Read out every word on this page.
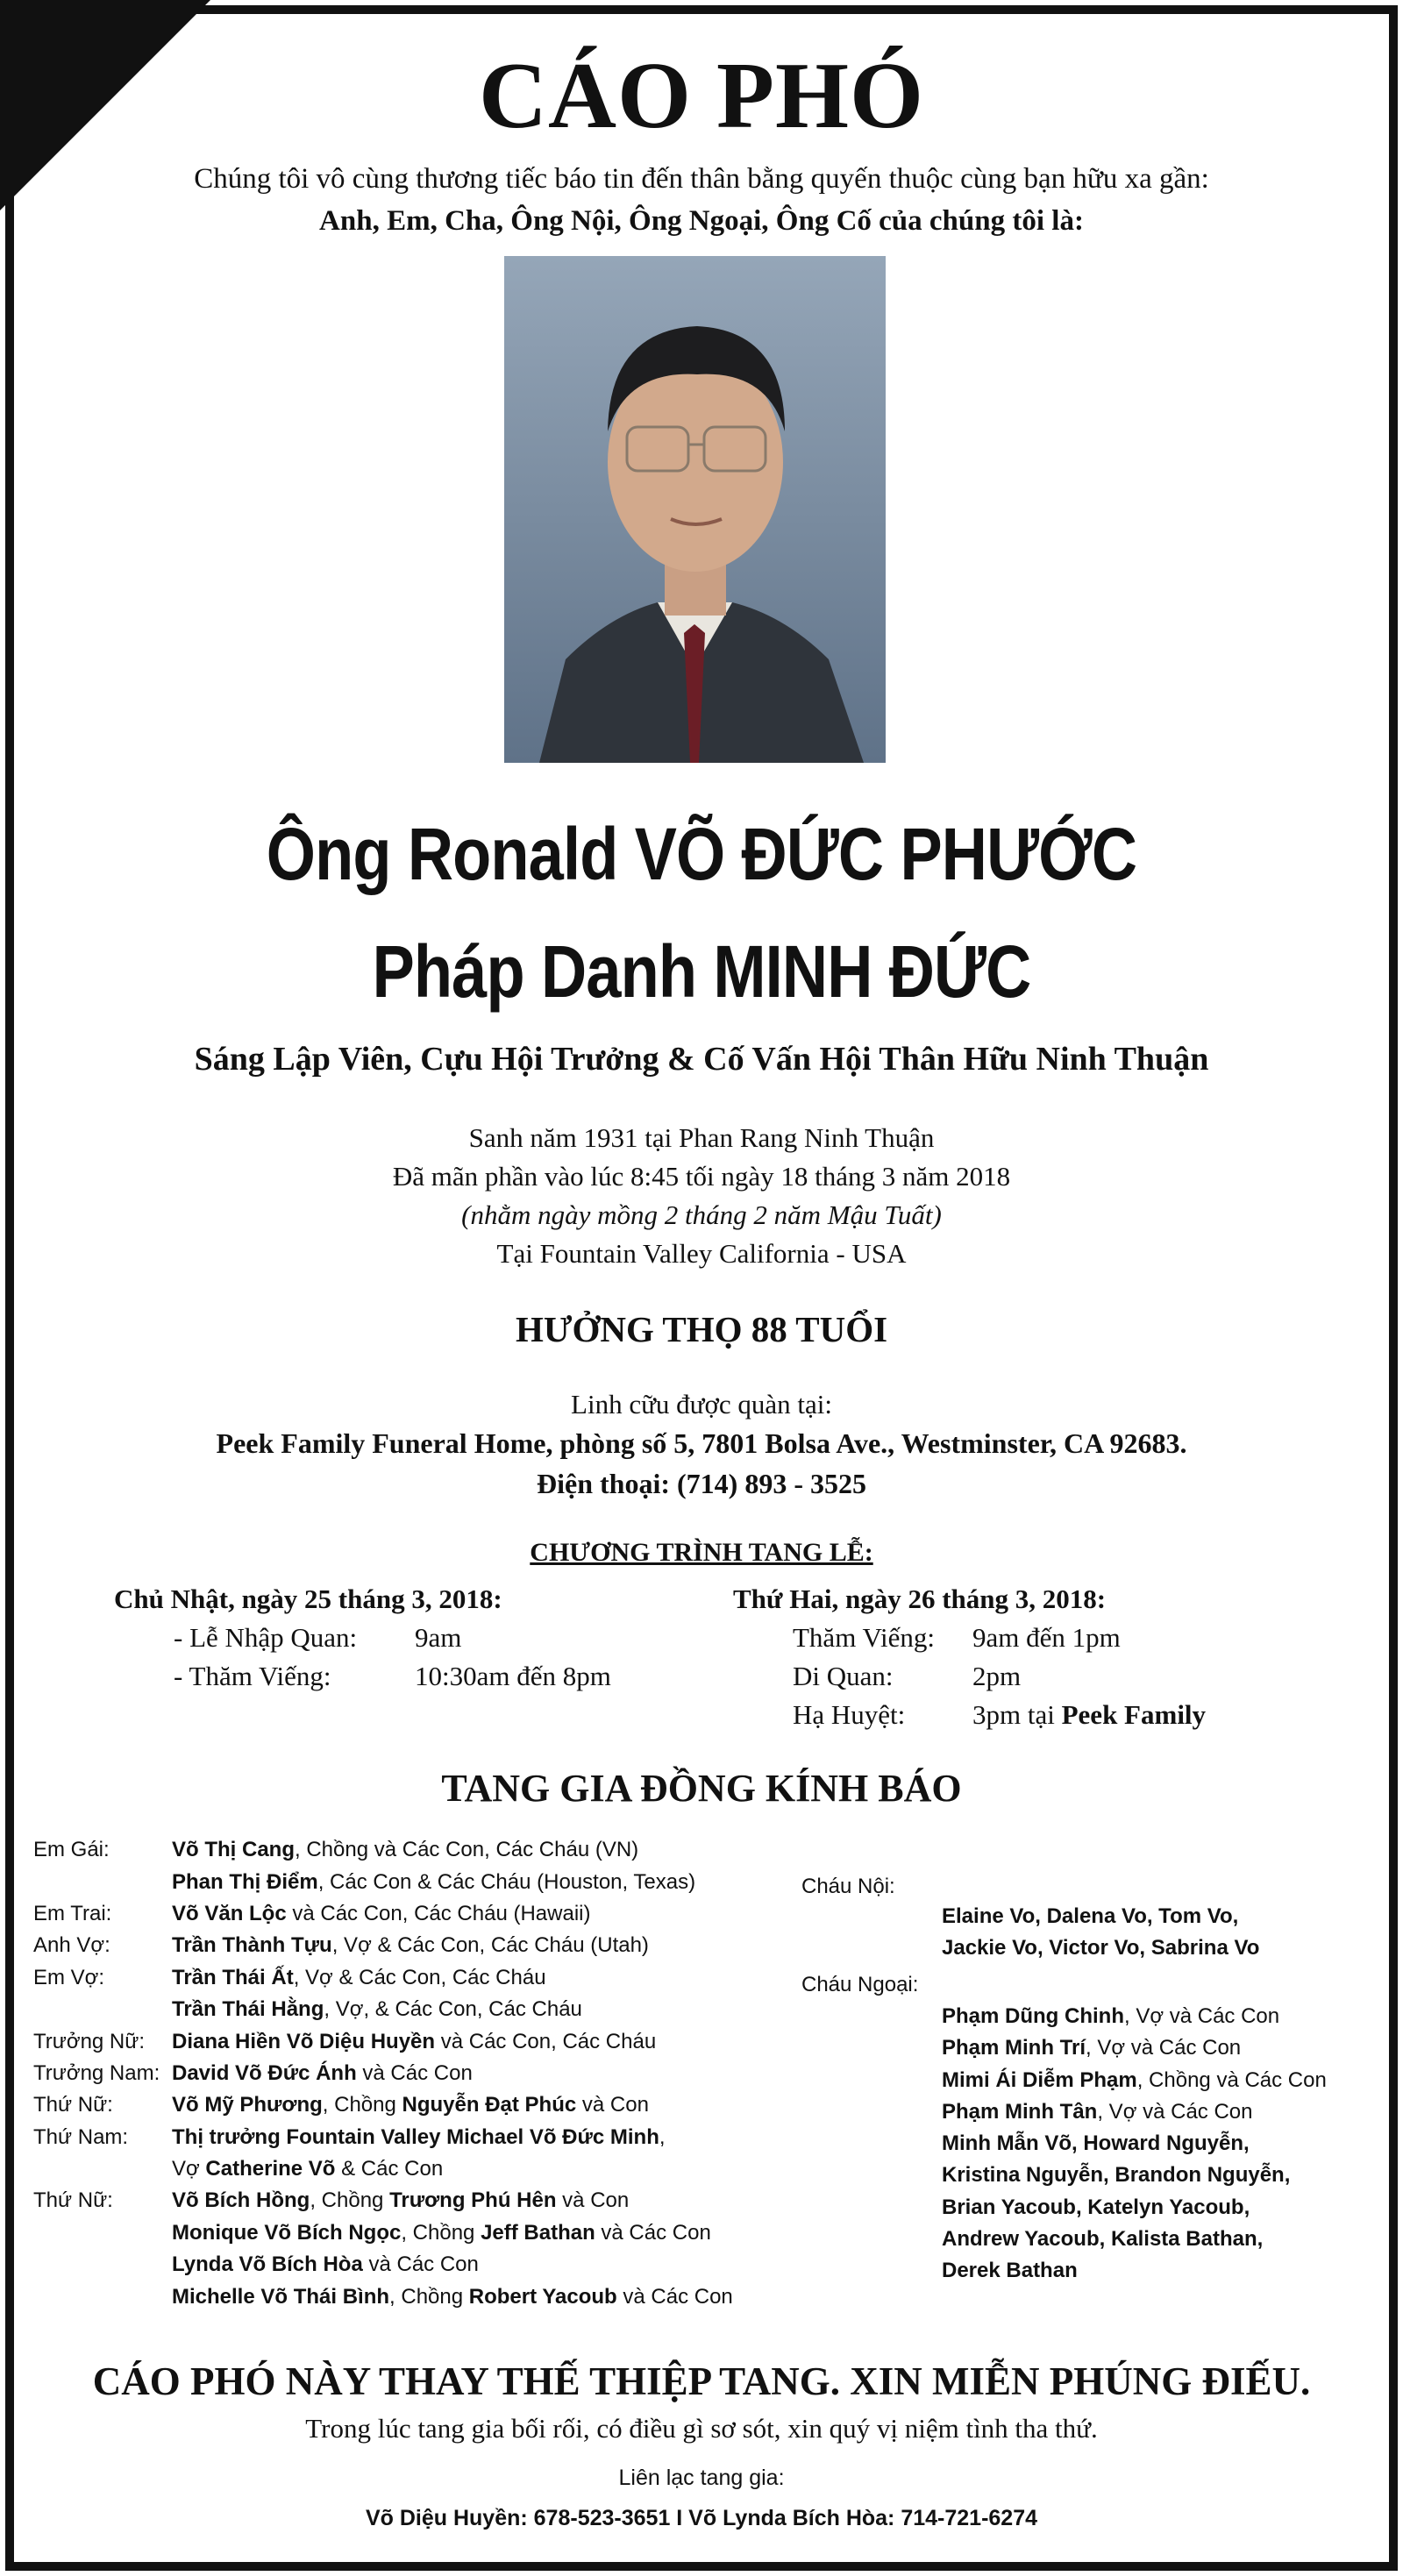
CÁO PHÓ
Chúng tôi vô cùng thương tiếc báo tin đến thân bằng quyến thuộc cùng bạn hữu xa gần:
Anh, Em, Cha, Ông Nội, Ông Ngoại, Ông Cố của chúng tôi là:
Ông Ronald VÕ ĐỨC PHƯỚC
Pháp Danh MINH ĐỨC
Sáng Lập Viên, Cựu Hội Trưởng & Cố Vấn Hội Thân Hữu Ninh Thuận
Sanh năm 1931 tại Phan Rang Ninh Thuận
Đã mãn phần vào lúc 8:45 tối ngày 18 tháng 3 năm 2018
(nhằm ngày mồng 2 tháng 2 năm Mậu Tuất)
Tại Fountain Valley California - USA
HƯỞNG THỌ 88 TUỔI
Linh cữu được quàn tại:
Peek Family Funeral Home, phòng số 5, 7801 Bolsa Ave., Westminster, CA 92683.
Điện thoại: (714) 893 - 3525
CHƯƠNG TRÌNH TANG LỄ:
Chủ Nhật, ngày 25 tháng 3, 2018:
- Lễ Nhập Quan:	9am
- Thăm Viếng:	10:30am đến 8pm
Thứ Hai, ngày 26 tháng 3, 2018:
Thăm Viếng:	9am đến 1pm
Di Quan:	2pm
Hạ Huyệt:	3pm tại Peek Family
TANG GIA ĐỒNG KÍNH BÁO
Em Gái:	Võ Thị Cang, Chồng và Các Con, Các Cháu (VN)
Phan Thị Điểm, Các Con & Các Cháu (Houston, Texas)
Em Trai:	Võ Văn Lộc và Các Con, Các Cháu (Hawaii)
Anh Vợ:	Trần Thành Tựu, Vợ & Các Con, Các Cháu (Utah)
Em Vợ:	Trần Thái Ất, Vợ & Các Con, Các Cháu
Trần Thái Hằng, Vợ, & Các Con, Các Cháu
Trưởng Nữ:	Diana Hiền Võ Diệu Huyền và Các Con, Các Cháu
Trưởng Nam: David Võ Đức Ánh và Các Con
Thứ Nữ:	Võ Mỹ Phương, Chồng Nguyễn Đạt Phúc và Con
Thứ Nam:	Thị trưởng Fountain Valley Michael Võ Đức Minh,
Vợ Catherine Võ & Các Con
Thứ Nữ:	Võ Bích Hồng, Chồng Trương Phú Hên và Con
Monique Võ Bích Ngọc, Chồng Jeff Bathan và Các Con
Lynda Võ Bích Hòa và Các Con
Michelle Võ Thái Bình, Chồng Robert Yacoub và Các Con
Cháu Nội:
Elaine Vo, Dalena Vo, Tom Vo,
Jackie Vo, Victor Vo, Sabrina Vo
Cháu Ngoại:
Phạm Dũng Chinh, Vợ và Các Con
Phạm Minh Trí, Vợ và Các Con
Mimi Ái Diễm Phạm, Chồng và Các Con
Phạm Minh Tân, Vợ và Các Con
Minh Mẫn Võ, Howard Nguyễn,
Kristina Nguyễn, Brandon Nguyễn,
Brian Yacoub, Katelyn Yacoub,
Andrew Yacoub, Kalista Bathan,
Derek Bathan
CÁO PHÓ NÀY THAY THẾ THIỆP TANG. XIN MIỄN PHÚNG ĐIẾU.
Trong lúc tang gia bối rối, có điều gì sơ sót, xin quý vị niệm tình tha thứ.
Liên lạc tang gia:
Võ Diệu Huyền: 678-523-3651 I Võ Lynda Bích Hòa: 714-721-6274
